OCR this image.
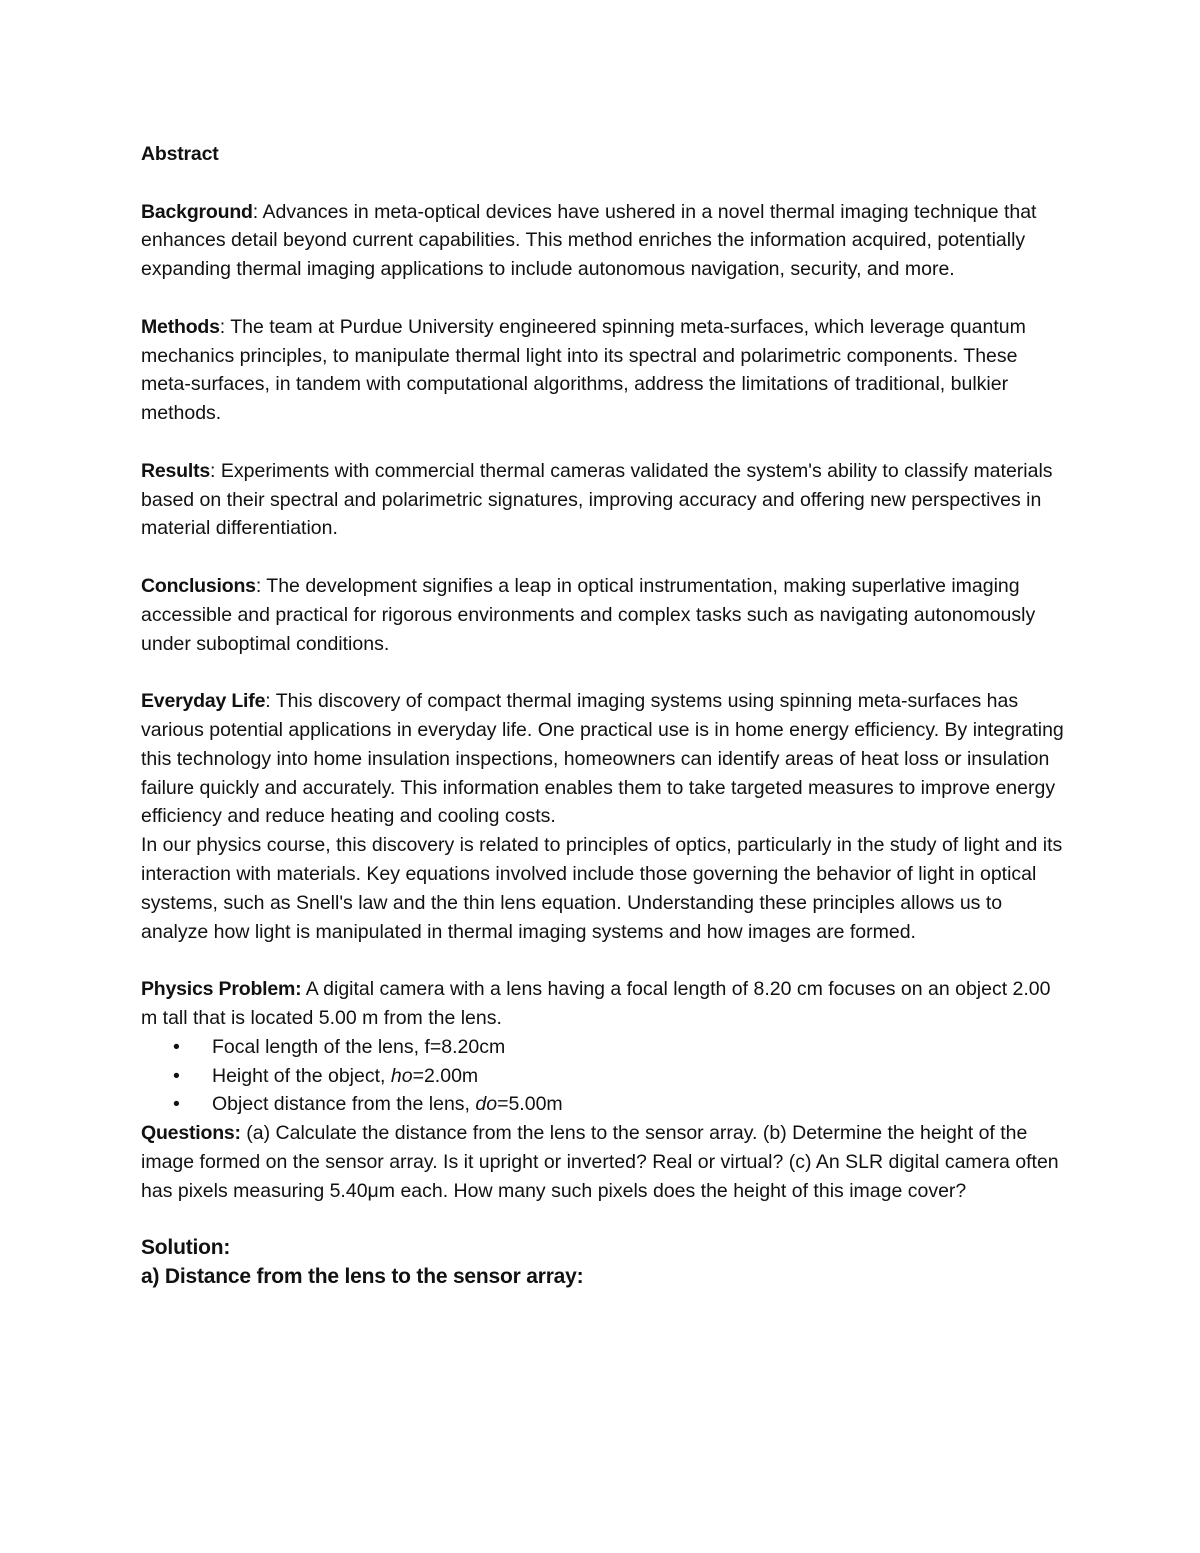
Abstract

Background: Advances in meta-optical devices have ushered in a novel thermal imaging technique that enhances detail beyond current capabilities. This method enriches the information acquired, potentially expanding thermal imaging applications to include autonomous navigation, security, and more.

Methods: The team at Purdue University engineered spinning meta-surfaces, which leverage quantum mechanics principles, to manipulate thermal light into its spectral and polarimetric components. These meta-surfaces, in tandem with computational algorithms, address the limitations of traditional, bulkier methods.

Results: Experiments with commercial thermal cameras validated the system's ability to classify materials based on their spectral and polarimetric signatures, improving accuracy and offering new perspectives in material differentiation.

Conclusions: The development signifies a leap in optical instrumentation, making superlative imaging accessible and practical for rigorous environments and complex tasks such as navigating autonomously under suboptimal conditions.

Everyday Life: This discovery of compact thermal imaging systems using spinning meta-surfaces has various potential applications in everyday life. One practical use is in home energy efficiency. By integrating this technology into home insulation inspections, homeowners can identify areas of heat loss or insulation failure quickly and accurately. This information enables them to take targeted measures to improve energy efficiency and reduce heating and cooling costs.

In our physics course, this discovery is related to principles of optics, particularly in the study of light and its interaction with materials. Key equations involved include those governing the behavior of light in optical systems, such as Snell's law and the thin lens equation. Understanding these principles allows us to analyze how light is manipulated in thermal imaging systems and how images are formed.

Physics Problem: A digital camera with a lens having a focal length of 8.20 cm focuses on an object 2.00 m tall that is located 5.00 m from the lens.

• Focal length of the lens, f=8.20cm
• Height of the object, ho=2.00m
• Object distance from the lens, do=5.00m

Questions: (a) Calculate the distance from the lens to the sensor array. (b) Determine the height of the image formed on the sensor array. Is it upright or inverted? Real or virtual? (c) An SLR digital camera often has pixels measuring 5.40μm each. How many such pixels does the height of this image cover?

Solution:

a) Distance from the lens to the sensor array:
